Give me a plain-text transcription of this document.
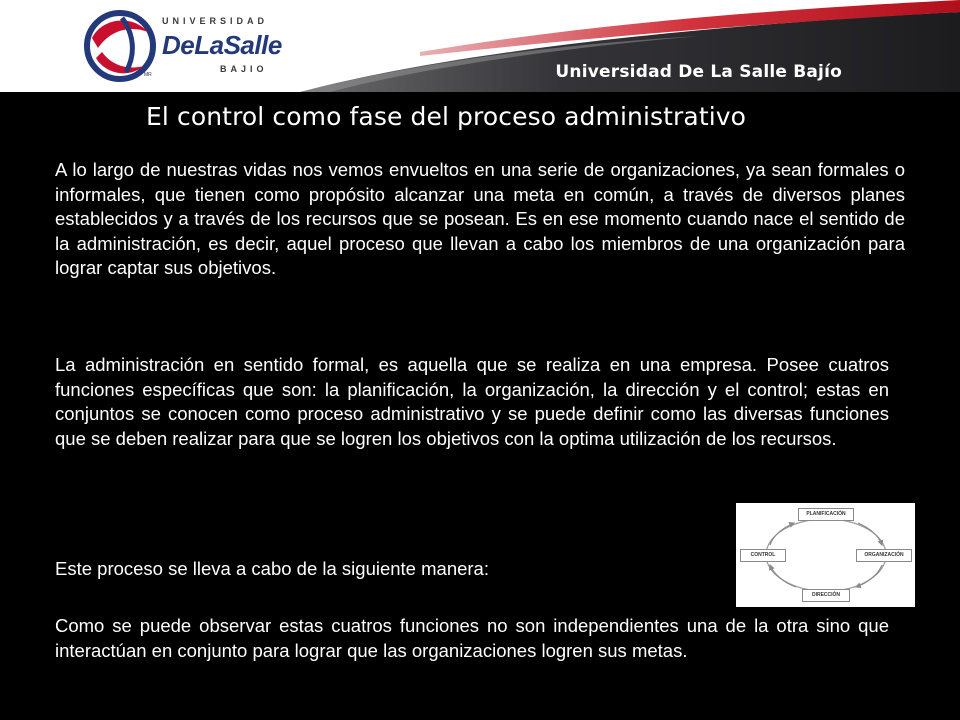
UNIVERSIDAD
DeLaSalle
BAJIO
MR	Universidad De La Salle Bajío
El control como fase del proceso administrativo

A lo largo de nuestras vidas nos vemos envueltos en una serie de organizaciones, ya sean formales o informales, que tienen como propósito alcanzar una meta en común, a través de diversos planes establecidos y a través de los recursos que se posean. Es en ese momento cuando nace el sentido de la administración, es decir, aquel proceso que llevan a cabo los miembros de una organización para lograr captar sus objetivos.

La administración en sentido formal, es aquella que se realiza en una empresa. Posee cuatros funciones específicas que son: la planificación, la organización, la dirección y el control; estas en conjuntos se conocen como proceso administrativo y se puede definir como las diversas funciones que se deben realizar para que se logren los objetivos con la optima utilización de los recursos.

Este proceso se lleva a cabo de la siguiente manera:

Como se puede observar estas cuatros funciones no son independientes una de la otra sino que interactúan en conjunto para lograr que las organizaciones logren sus metas.

PLANIFICACIÓN
ORGANIZACIÓN
DIRECCIÓN
CONTROL
